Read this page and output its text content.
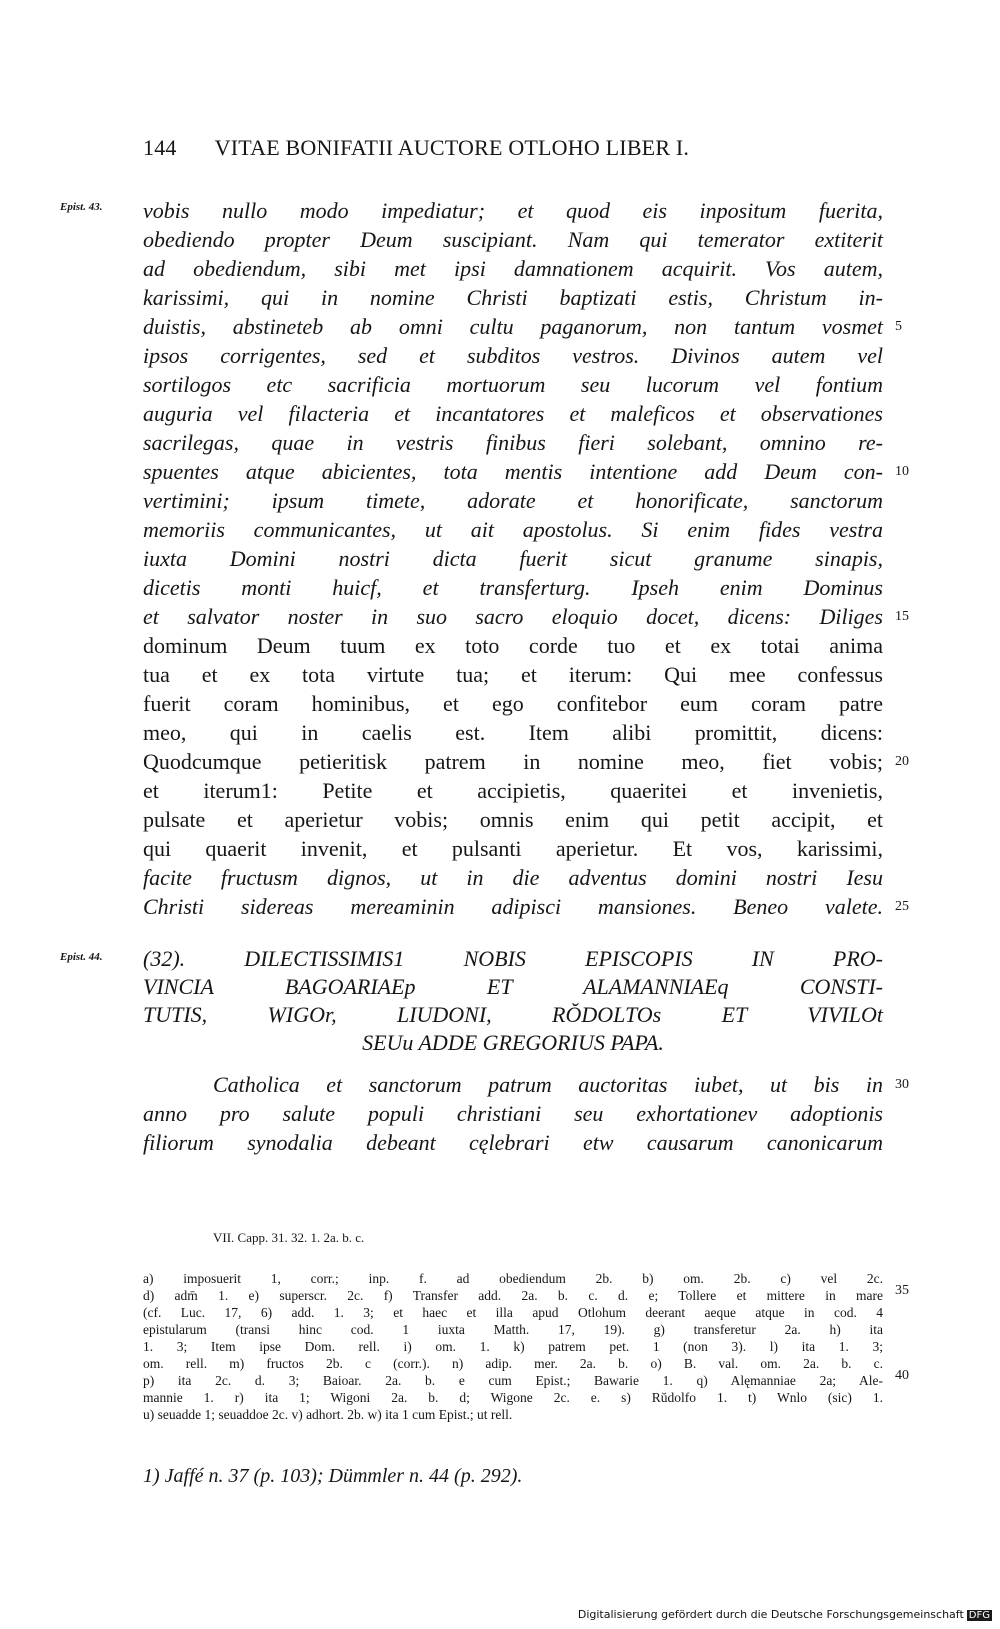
144 VITAE BONIFATII AUCTORE OTLOHO LIBER I.
Epist. 43.
Epist. 44.
vobis nullo modo impediatur; et quod eis inpositum fuerita,
obediendo propter Deum suscipiant. Nam qui temerator extiterit
ad obediendum, sibi met ipsi damnationem acquirit. Vos autem,
karissimi, qui in nomine Christi baptizati estis, Christum in-
duistis, abstineteb ab omni cultu paganorum, non tantum vosmet
ipsos corrigentes, sed et subditos vestros. Divinos autem vel
sortilogos etc sacrificia mortuorum seu lucorum vel fontium
auguria vel filacteria et incantatores et maleficos et observationes
sacrilegas, quae in vestris finibus fieri solebant, omnino re-
spuentes atque abicientes, tota mentis intentione add Deum con-
vertimini; ipsum timete, adorate et honorificate, sanctorum
memoriis communicantes, ut ait apostolus. Si enim fides vestra
iuxta Domini nostri dicta fuerit sicut granume sinapis,
dicetis monti huicf, et transferturg. Ipseh enim Dominus
et salvator noster in suo sacro eloquio docet, dicens: Diliges
dominum Deum tuum ex toto corde tuo et ex totai anima
tua et ex tota virtute tua; et iterum: Qui mee confessus
fuerit coram hominibus, et ego confitebor eum coram patre
meo, qui in caelis est. Item alibi promittit, dicens:
Quodcumque petieritisk patrem in nomine meo, fiet vobis;
et iterum1: Petite et accipietis, quaeritei et invenietis,
pulsate et aperietur vobis; omnis enim qui petit accipit, et
qui quaerit invenit, et pulsanti aperietur. Et vos, karissimi,
facite fructusm dignos, ut in die adventus domini nostri Iesu
Christi sidereas mereaminin adipisci mansiones. Beneo valete.
5
10
15
20
25
30
35
40
(32). DILECTISSIMIS1 NOBIS EPISCOPIS IN PRO-
VINCIA BAGOARIAEp ET ALAMANNIAEq CONSTI-
TUTIS, WIGOr, LIUDONI, RŎDOLTOs ET VIVILOt
SEUu ADDE GREGORIUS PAPA.
Catholica et sanctorum patrum auctoritas iubet, ut bis in
anno pro salute populi christiani seu exhortationev adoptionis
filiorum synodalia debeant cęlebrari etw causarum canonicarum
VII. Capp. 31. 32. 1. 2a. b. c.
a) imposuerit 1, corr.; inp. f. ad obediendum 2b. b) om. 2b. c) vel 2c.
d) adm̄ 1. e) superscr. 2c. f) Transfer add. 2a. b. c. d. e; Tollere et mittere in mare
(cf. Luc. 17, 6) add. 1. 3; et haec et illa apud Otlohum deerant aeque atque in cod. 4
epistularum (transi hinc cod. 1 iuxta Matth. 17, 19). g) transferetur 2a. h) ita
1. 3; Item ipse Dom. rell. i) om. 1. k) patrem pet. 1 (non 3). l) ita 1. 3;
om. rell. m) fructos 2b. c (corr.). n) adip. mer. 2a. b. o) B. val. om. 2a. b. c.
p) ita 2c. d. 3; Baioar. 2a. b. e cum Epist.; Bawarie 1. q) Alęmanniae 2a; Ale-
mannie 1. r) ita 1; Wigoni 2a. b. d; Wigone 2c. e. s) Rŭdolfo 1. t) Wnlo (sic) 1.
u) seuadde 1; seuaddoe 2c. v) adhort. 2b. w) ita 1 cum Epist.; ut rell.
1) Jaffé n. 37 (p. 103); Dümmler n. 44 (p. 292).
Digitalisierung gefördert durch die Deutsche Forschungsgemeinschaft DFG
